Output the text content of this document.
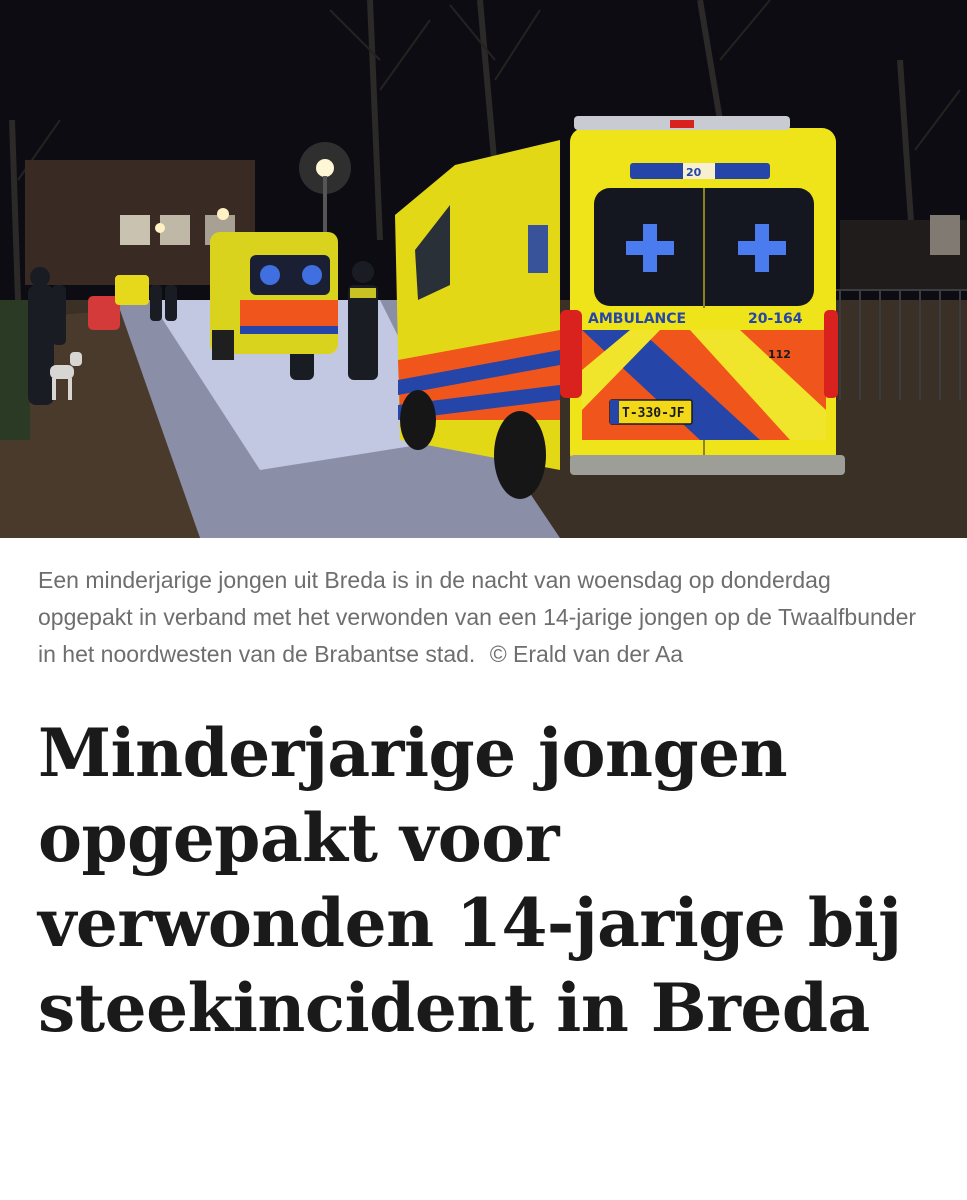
AMBULANCE	20-164
112
T-330-JF
20
Een minderjarige jongen uit Breda is in de nacht van woensdag op donderdag opgepakt in verband met het verwonden van een 14-jarige jongen op de Twaalfbunder in het noordwesten van de Brabantse stad. © Erald van der Aa
Minderjarige jongen opgepakt voor verwonden 14-jarige bij steekincident in Breda
